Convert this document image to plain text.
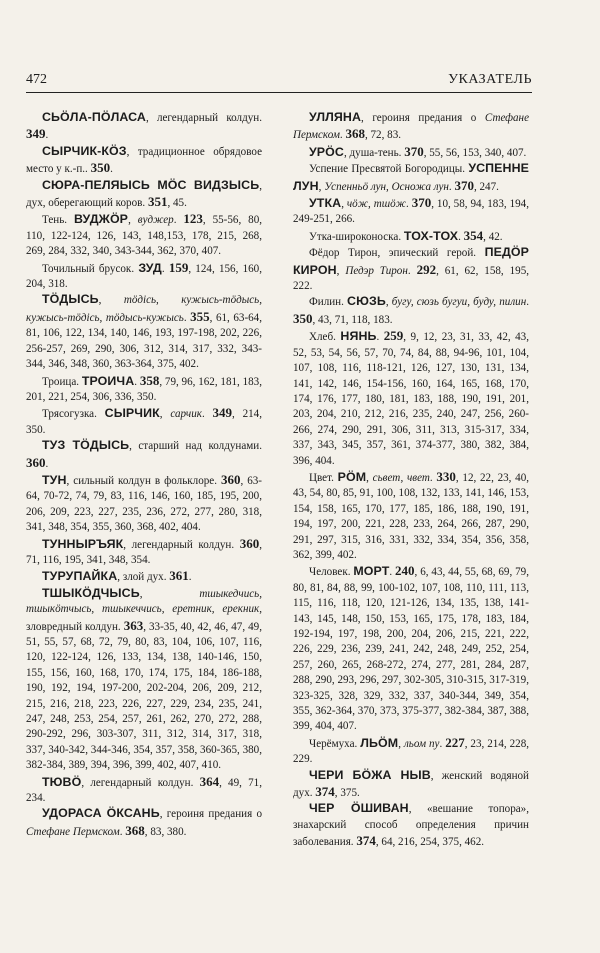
472	УКАЗАТЕЛЬ

СЬÖЛА-ПÖЛАСА, легендарный колдун. 349.

СЫРЧИК-КÖЗ, традиционное обрядовое место у к.-п.. 350.

СЮРА-ПЕЛЯЫСЬ МÖС ВИДЗЫСЬ, дух, оберегающий коров. 351, 45.

Тень. ВУДЖÖР, вуджер. 123, 55-56, 80, 110, 122-124, 126, 143, 148,153, 178, 215, 268, 269, 284, 332, 340, 343-344, 362, 370, 407.

Точильный брусок. ЗУД. 159, 124, 156, 160, 204, 318.

ТÖДЫСЬ, тöдiсь, кужысь-тöдысь, кужысь-тöдiсь, тöдысь-кужысь. 355, 61, 63-64, 81, 106, 122, 134, 140, 146, 193, 197-198, 202, 226, 256-257, 269, 290, 306, 312, 314, 317, 332, 343-344, 346, 348, 360, 363-364, 375, 402.

Троица. ТРОИЧА. 358, 79, 96, 162, 181, 183, 201, 221, 254, 306, 336, 350.

Трясогузка. СЫРЧИК, сарчик. 349, 214, 350.

ТУЗ ТÖДЫСЬ, старший над колдунами. 360.

ТУН, сильный колдун в фольклоре. 360, 63-64, 70-72, 74, 79, 83, 116, 146, 160, 185, 195, 200, 206, 209, 223, 227, 235, 236, 272, 277, 280, 318, 341, 348, 354, 355, 360, 368, 402, 404.

ТУННЫРЪЯК, легендарный колдун. 360, 71, 116, 195, 341, 348, 354.

ТУРУПАЙКА, злой дух. 361.

ТШЫКÖДЧЫСЬ, тшыкедчись, тшыкöтчысь, тшыкеччись, еретник, ерекник, зловредный колдун. 363, 33-35, 40, 42, 46, 47, 49, 51, 55, 57, 68, 72, 79, 80, 83, 104, 106, 107, 116, 120, 122-124, 126, 133, 134, 138, 140-146, 150, 155, 156, 160, 168, 170, 174, 175, 184, 186-188, 190, 192, 194, 197-200, 202-204, 206, 209, 212, 215, 216, 218, 223, 226, 227, 229, 234, 235, 241, 247, 248, 253, 254, 257, 261, 262, 270, 272, 288, 290-292, 296, 303-307, 311, 312, 314, 317, 318, 337, 340-342, 344-346, 354, 357, 358, 360-365, 380, 382-384, 389, 394, 396, 399, 402, 407, 410.

ТЮВÖ, легендарный колдун. 364, 49, 71, 234.

УДОРАСА ÖКСАНЬ, героиня предания о Стефане Пермском. 368, 83, 380.

УЛЛЯНА, героиня предания о Стефане Пермском. 368, 72, 83.

УРÖС, душа-тень. 370, 55, 56, 153, 340, 407.

Успение Пресвятой Богородицы. УСПЕННЕ ЛУН, Успенньö лун, Осножа лун. 370, 247.

УТКА, чöж, тшöж. 370, 10, 58, 94, 183, 194, 249-251, 266.

Утка-широконоска. ТОХ-ТОХ. 354, 42.

Фёдор Тирон, эпический герой. ПЕДÖР КИРОН, Педэр Тирон. 292, 61, 62, 158, 195, 222.

Филин. СЮЗЬ, бугу, сюзь бугуи, буду, пилин. 350, 43, 71, 118, 183.

Хлеб. НЯНЬ. 259, 9, 12, 23, 31, 33, 42, 43, 52, 53, 54, 56, 57, 70, 74, 84, 88, 94-96, 101, 104, 107, 108, 116, 118-121, 126, 127, 130, 131, 134, 141, 142, 146, 154-156, 160, 164, 165, 168, 170, 174, 176, 177, 180, 181, 183, 188, 190, 191, 201, 203, 204, 210, 212, 216, 235, 240, 247, 256, 260-266, 274, 290, 291, 306, 311, 313, 315-317, 334, 337, 343, 345, 357, 361, 374-377, 380, 382, 384, 396, 404.

Цвет. РÖМ, сьвет, чвет. 330, 12, 22, 23, 40, 43, 54, 80, 85, 91, 100, 108, 132, 133, 141, 146, 153, 154, 158, 165, 170, 177, 185, 186, 188, 190, 191, 194, 197, 200, 221, 228, 233, 264, 266, 287, 290, 291, 297, 315, 316, 331, 332, 334, 354, 356, 358, 362, 399, 402.

Человек. МОРТ. 240, 6, 43, 44, 55, 68, 69, 79, 80, 81, 84, 88, 99, 100-102, 107, 108, 110, 111, 113, 115, 116, 118, 120, 121-126, 134, 135, 138, 141-143, 145, 148, 150, 153, 165, 175, 178, 183, 184, 192-194, 197, 198, 200, 204, 206, 215, 221, 222, 226, 229, 236, 239, 241, 242, 248, 249, 252, 254, 257, 260, 265, 268-272, 274, 277, 281, 284, 287, 288, 290, 293, 296, 297, 302-305, 310-315, 317-319, 323-325, 328, 329, 332, 337, 340-344, 349, 354, 355, 362-364, 370, 373, 375-377, 382-384, 387, 388, 399, 404, 407.

Черёмуха. ЛЬÖМ, льом пу. 227, 23, 214, 228, 229.

ЧЕРИ БÖЖА НЫВ, женский водяной дух. 374, 375.

ЧЕР ÖШИВАН, «вешание топора», знахарский способ определения причин заболевания. 374, 64, 216, 254, 375, 462.
